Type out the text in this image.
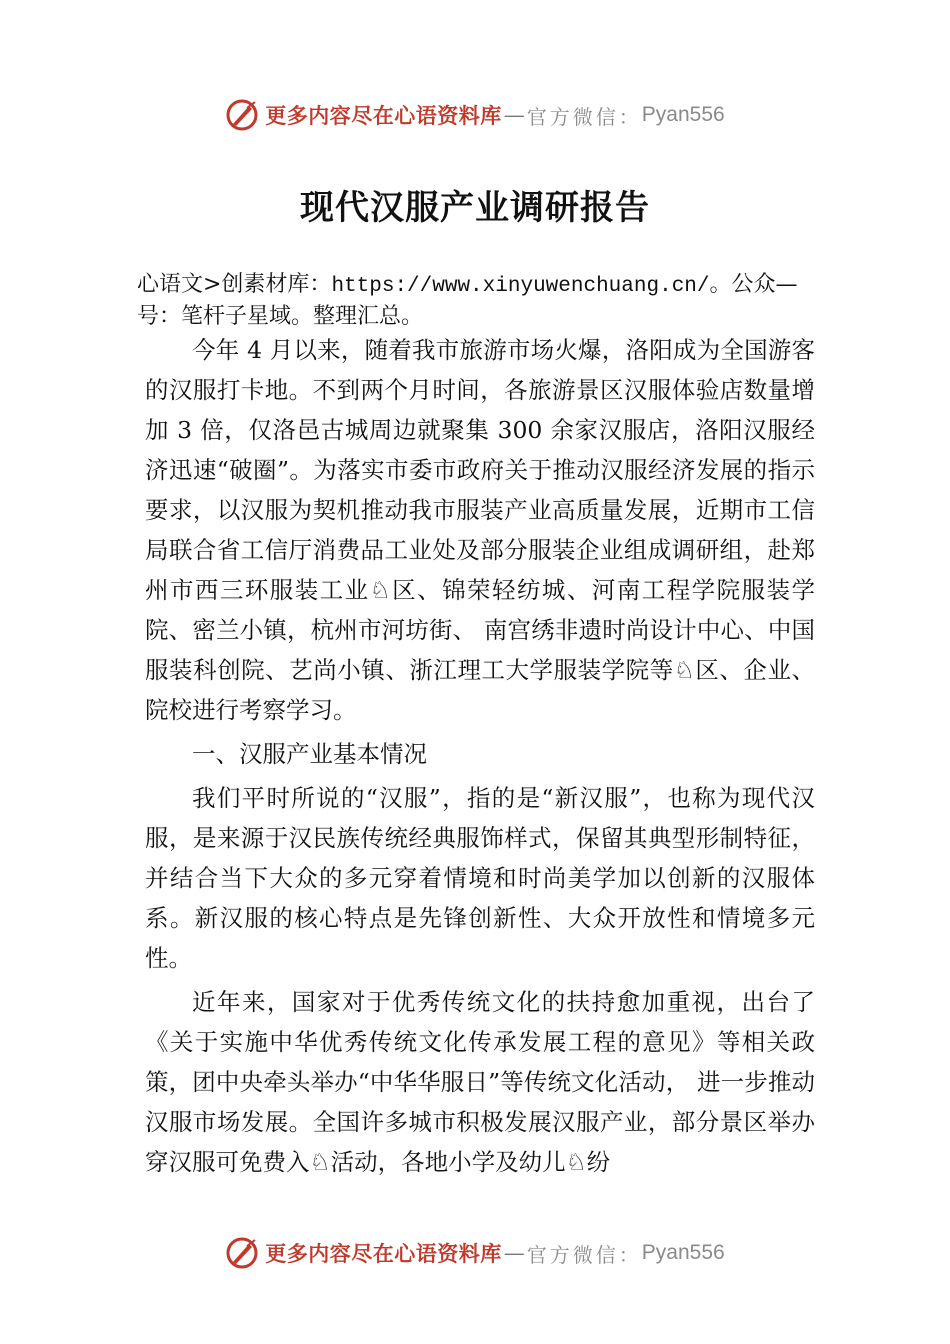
更多内容尽在心语资料库 — 官方微信： Pyan556
现代汉服产业调研报告
心语文>创素材库：https://www.xinyuwenchuang.cn/。公众—号：笔杆子星域。整理汇总。

今年 4 月以来，随着我市旅游市场火爆，洛阳成为全国游客的汉服打卡地。不到两个月时间，各旅游景区汉服体验店数量增加 3 倍，仅洛邑古城周边就聚集 300 余家汉服店，洛阳汉服经济迅速“破圈”。为落实市委市政府关于推动汉服经济发展的指示要求，以汉服为契机推动我市服装产业高质量发展，近期市工信局联合省工信厅消费品工业处及部分服装企业组成调研组，赴郑州市西三环服装工业♘区、锦荣轻纺城、河南工程学院服装学院、密兰小镇，杭州市河坊街、 南宫绣非遗时尚设计中心、中国服装科创院、艺尚小镇、浙江理工大学服装学院等♘区、企业、院校进行考察学习。

一、汉服产业基本情况

我们平时所说的“汉服”，指的是“新汉服”，也称为现代汉服，是来源于汉民族传统经典服饰样式，保留其典型形制特征，并结合当下大众的多元穿着情境和时尚美学加以创新的汉服体系。新汉服的核心特点是先锋创新性、大众开放性和情境多元性。

近年来，国家对于优秀传统文化的扶持愈加重视，出台了《关于实施中华优秀传统文化传承发展工程的意见》等相关政策，团中央牵头举办“中华华服日”等传统文化活动， 进一步推动汉服市场发展。全国许多城市积极发展汉服产业，部分景区举办穿汉服可免费入♘活动，各地小学及幼儿♘纷

更多内容尽在心语资料库 — 官方微信： Pyan556
